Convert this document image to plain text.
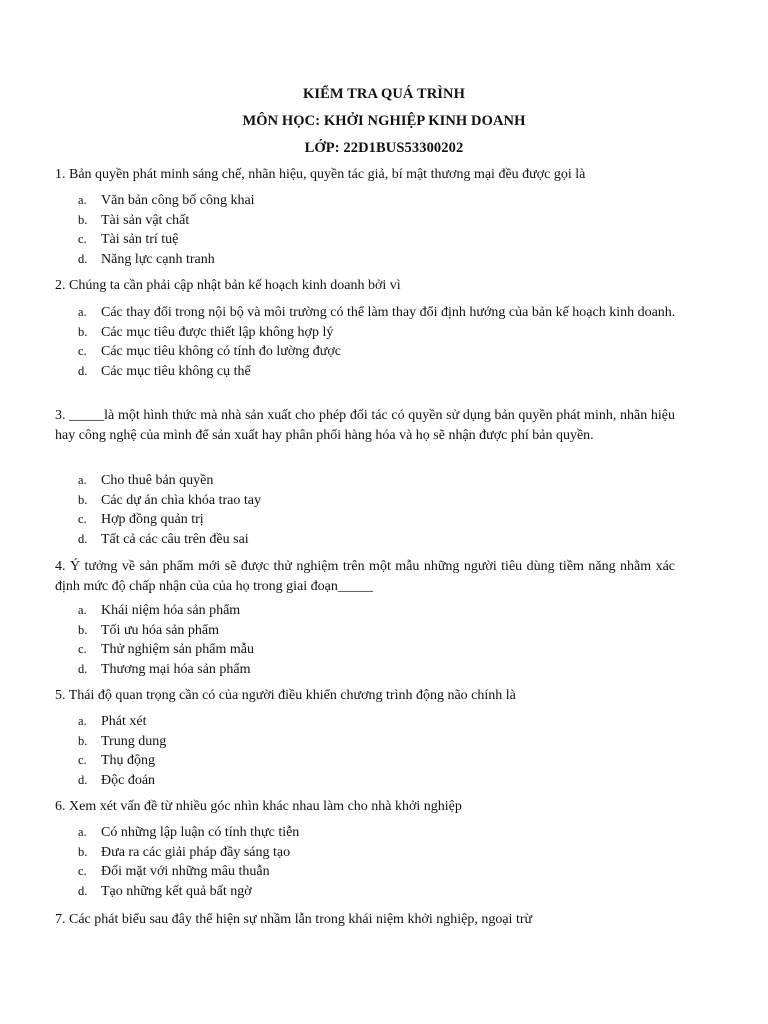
KIỂM TRA QUÁ TRÌNH
MÔN HỌC: KHỞI NGHIỆP KINH DOANH
LỚP: 22D1BUS53300202
1. Bản quyền phát minh sáng chế, nhãn hiệu, quyền tác giả, bí mật thương mại đều được gọi là
a. Văn bản công bố công khai
b. Tài sản vật chất
c. Tài sản trí tuệ
d. Năng lực cạnh tranh
2. Chúng ta cần phải cập nhật bản kế hoạch kinh doanh bởi vì
a. Các thay đổi trong nội bộ và môi trường có thể làm thay đổi định hướng của bản kế hoạch kinh doanh.
b. Các mục tiêu được thiết lập không hợp lý
c. Các mục tiêu không có tính đo lường được
d. Các mục tiêu không cụ thể
3. _____là một hình thức mà nhà sản xuất cho phép đối tác có quyền sử dụng bản quyền phát minh, nhãn hiệu hay công nghệ của mình để sản xuất hay phân phối hàng hóa và họ sẽ nhận được phí bản quyền.
a. Cho thuê bản quyền
b. Các dự án chìa khóa trao tay
c. Hợp đồng quản trị
d. Tất cả các câu trên đều sai
4. Ý tưởng về sản phẩm mới sẽ được thử nghiệm trên một mẫu những người tiêu dùng tiềm năng nhằm xác định mức độ chấp nhận của của họ trong giai đoạn_____
a. Khái niệm hóa sản phẩm
b. Tối ưu hóa sản phẩm
c. Thử nghiệm sản phẩm mẫu
d. Thương mại hóa sản phẩm
5. Thái độ quan trọng cần có của người điều khiển chương trình động não chính là
a. Phát xét
b. Trung dung
c. Thụ động
d. Độc đoán
6. Xem xét vấn đề từ nhiều góc nhìn khác nhau làm cho nhà khởi nghiệp
a. Có những lập luận có tính thực tiễn
b. Đưa ra các giải pháp đầy sáng tạo
c. Đối mặt với những mâu thuẫn
d. Tạo những kết quả bất ngờ
7. Các phát biểu sau đây thể hiện sự nhầm lẫn trong khái niệm khởi nghiệp, ngoại trừ
